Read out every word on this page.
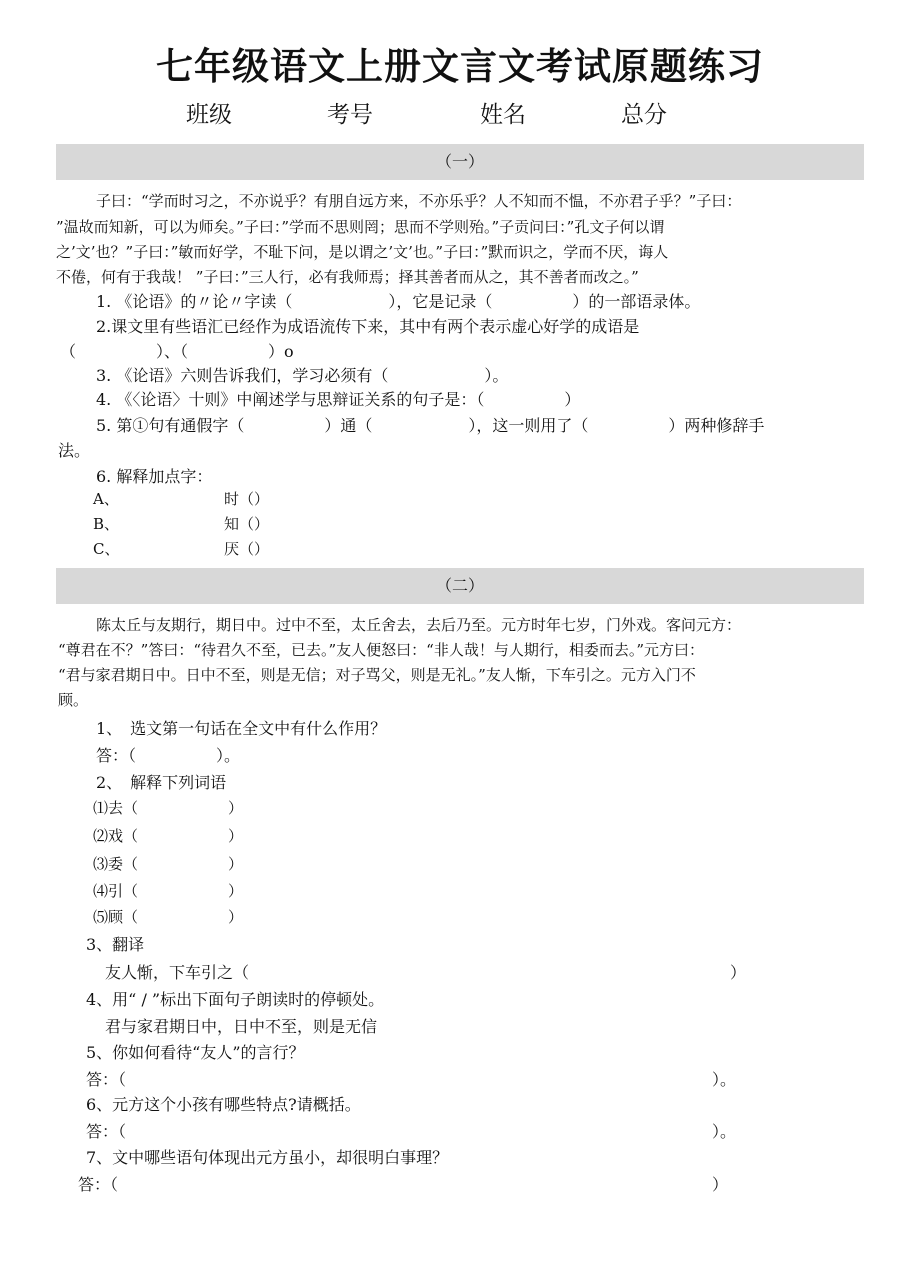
七年级语文上册文言文考试原题练习
班级	考号	姓名	总分
（一）
子曰：“学而时习之，不亦说乎？有朋自远方来，不亦乐乎？人不知而不愠，不亦君子乎？”子曰：
”温故而知新，可以为师矣。”子曰：”学而不思则罔；思而不学则殆。”子贡问曰：”孔文子何以谓
之’文’也？”子曰：”敏而好学，不耻下问，是以谓之’文’也。”子曰：”默而识之，学而不厌，诲人
不倦，何有于我哉！ ”子曰：”三人行，必有我师焉；择其善者而从之，其不善者而改之。”
1. 《论语》的〃论〃字读（　　　　　　），它是记录（　　　　　）的一部语录体。
2.课文里有些语汇已经作为成语流传下来，其中有两个表示虚心好学的成语是
（　　　　　）、（　　　　　）o
3. 《论语》六则告诉我们，学习必须有（　　　　　　）。
4. 《〈论语〉十则》中阐述学与思辩证关系的句子是：（　　　　　）
5. 第①句有通假字（　　　　　）通（　　　　　　），这一则用了（　　　　　）两种修辞手
法。
6. 解释加点字：
A、	时（）
B、	知（）
C、	厌（）
（二）
陈太丘与友期行，期日中。过中不至，太丘舍去，去后乃至。元方时年七岁，门外戏。客问元方：
“尊君在不？”答曰：“待君久不至，已去。”友人便怒曰：“非人哉！与人期行，相委而去。”元方曰：
“君与家君期日中。日中不至，则是无信；对子骂父，则是无礼。”友人惭，下车引之。元方入门不
顾。
1、　选文第一句话在全文中有什么作用？
答：（　　　　　）。
2、　解释下列词语
⑴去（　　　　　　）
⑵戏（　　　　　　）
⑶委（　　　　　　）
⑷引（　　　　　　）
⑸顾（　　　　　　）
3、翻译
友人惭，下车引之（	）
4、用“ / ”标出下面句子朗读时的停顿处。
君与家君期日中，日中不至，则是无信
5、你如何看待“友人”的言行？
答：（	）。
6、元方这个小孩有哪些特点?请概括。
答：（	）。
7、文中哪些语句体现出元方虽小，却很明白事理？
答：（	）
